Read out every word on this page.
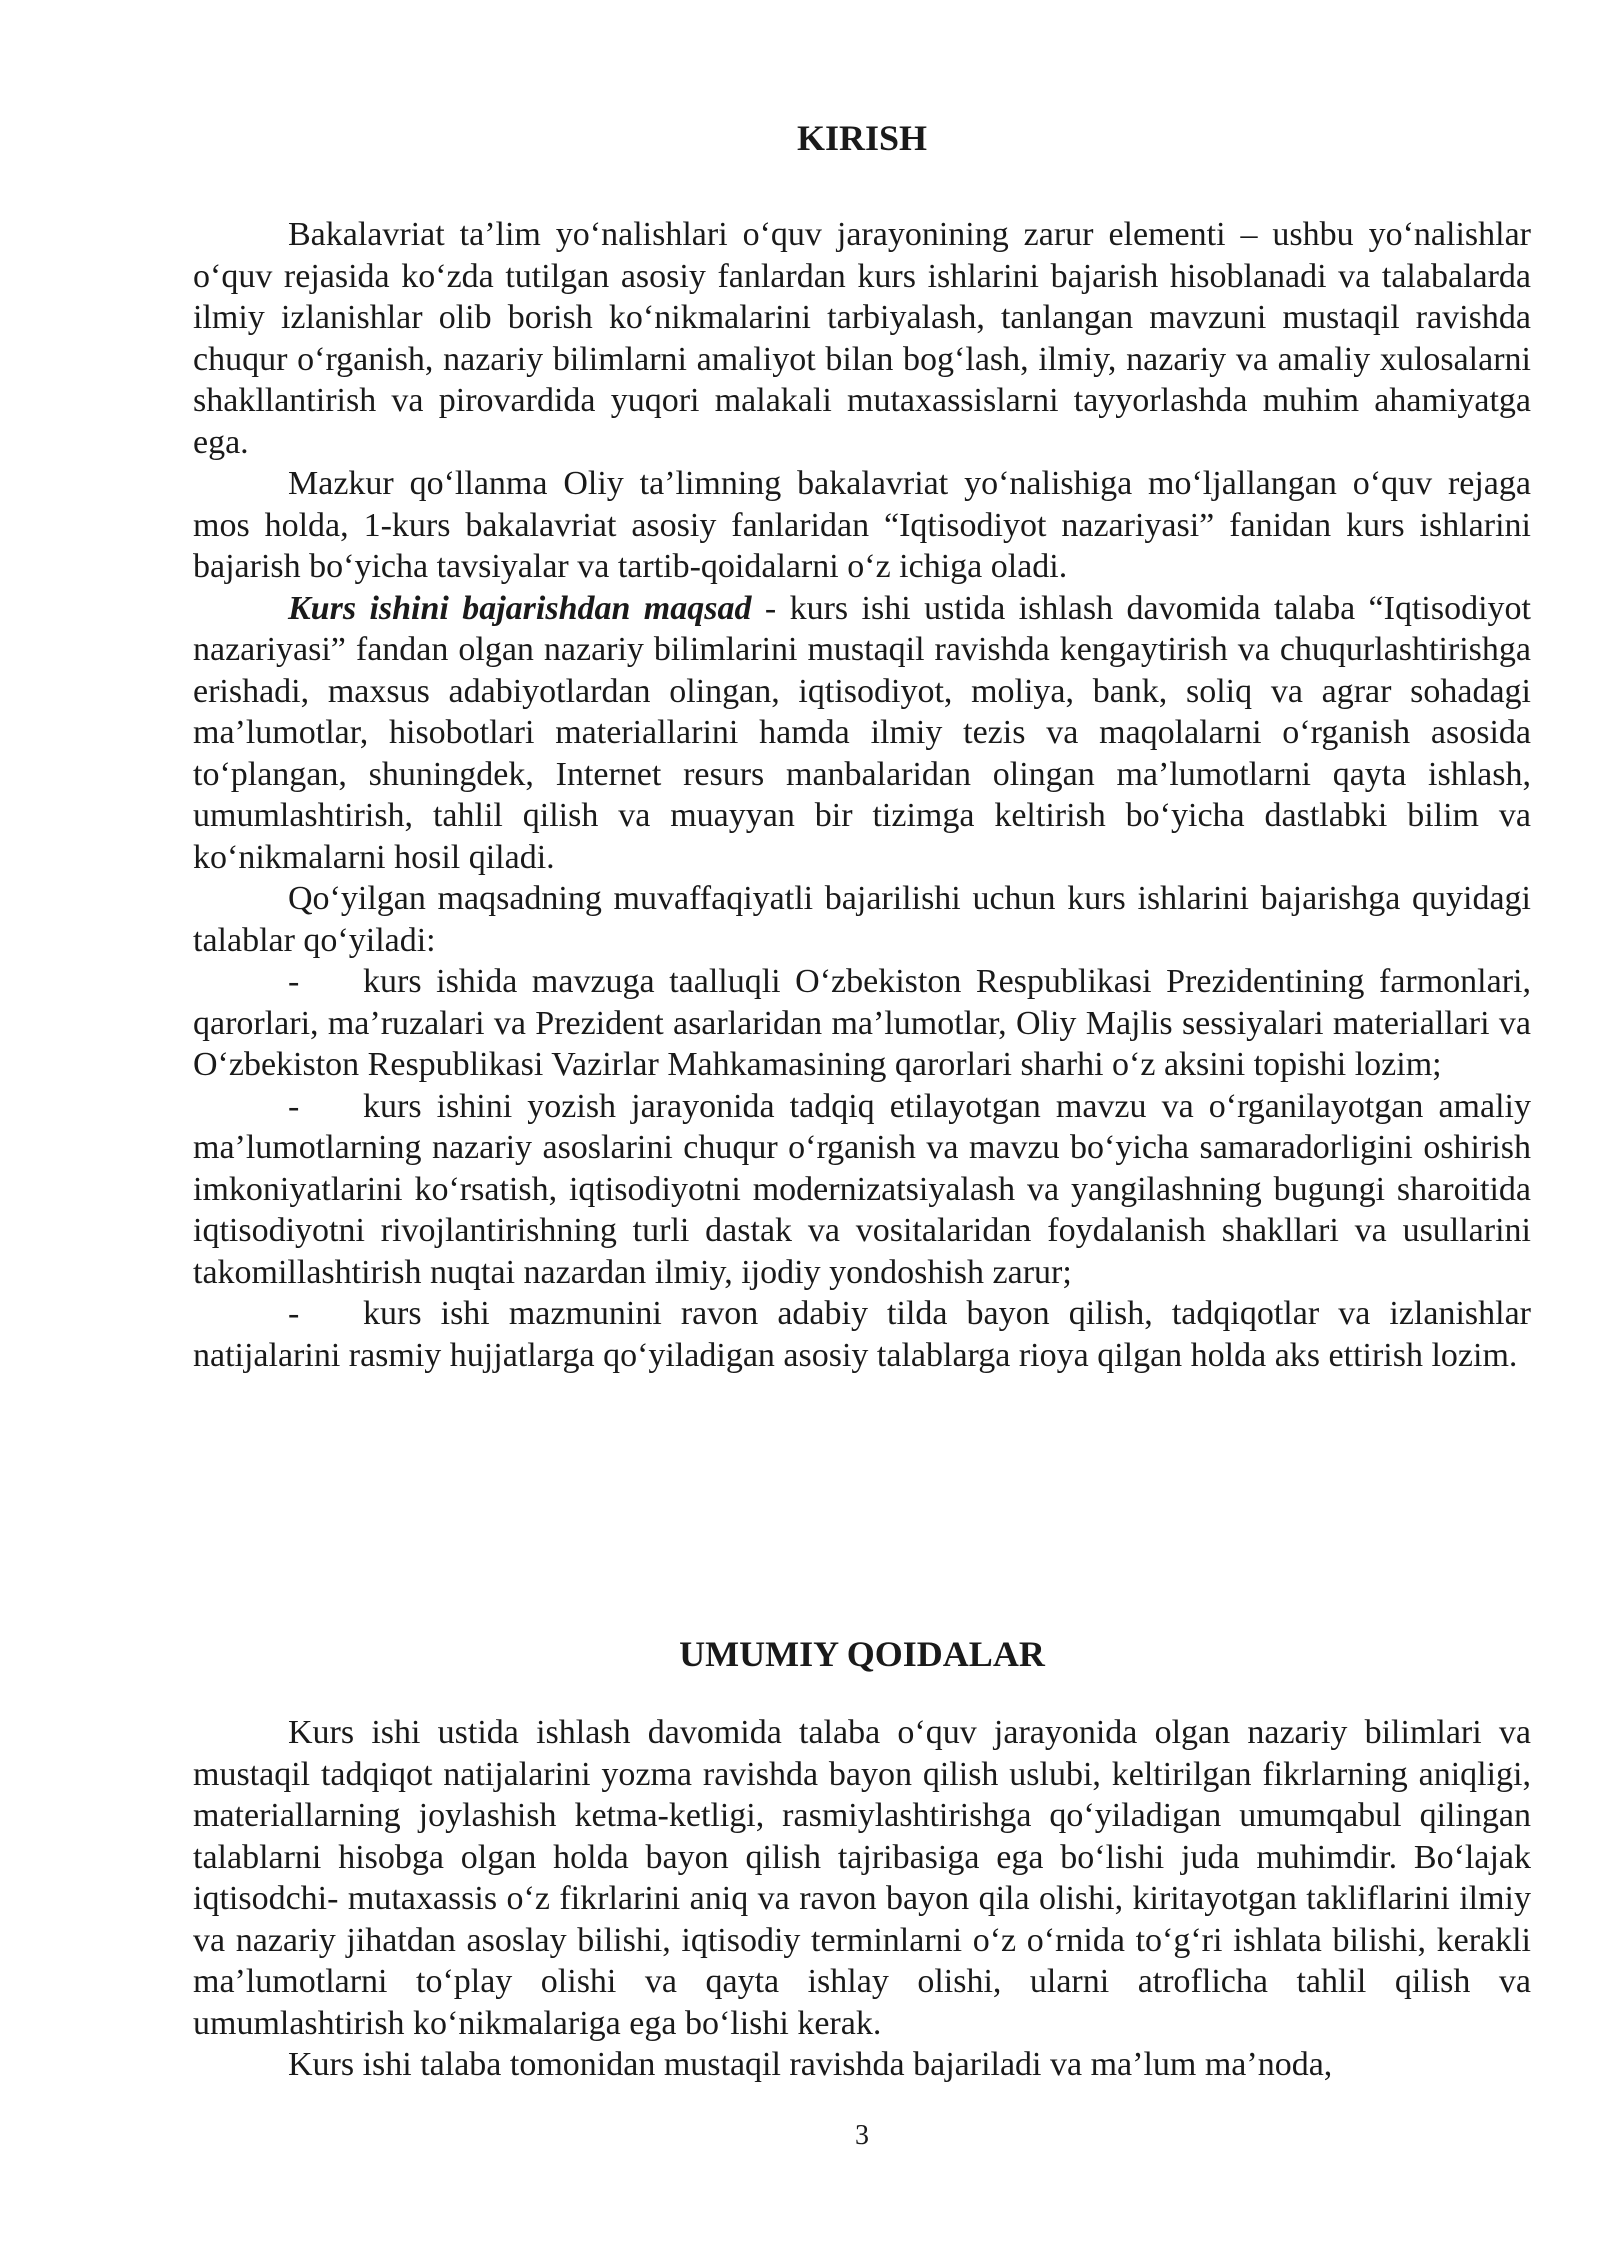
KIRISH

Bakalavriat ta’lim yo‘nalishlari o‘quv jarayonining zarur elementi – ushbu yo‘nalishlar o‘quv rejasida ko‘zda tutilgan asosiy fanlardan kurs ishlarini bajarish hisoblanadi va talabalarda ilmiy izlanishlar olib borish ko‘nikmalarini tarbiyalash, tanlangan mavzuni mustaqil ravishda chuqur o‘rganish, nazariy bilimlarni amaliyot bilan bog‘lash, ilmiy, nazariy va amaliy xulosalarni shakllantirish va pirovardida yuqori malakali mutaxassislarni tayyorlashda muhim ahamiyatga ega.

Mazkur qo‘llanma Oliy ta’limning bakalavriat yo‘nalishiga mo‘ljallangan o‘quv rejaga mos holda, 1-kurs bakalavriat asosiy fanlaridan “Iqtisodiyot nazariyasi” fanidan kurs ishlarini bajarish bo‘yicha tavsiyalar va tartib-qoidalarni o‘z ichiga oladi.

Kurs ishini bajarishdan maqsad - kurs ishi ustida ishlash davomida talaba “Iqtisodiyot nazariyasi” fandan olgan nazariy bilimlarini mustaqil ravishda kengaytirish va chuqurlashtirishga erishadi, maxsus adabiyotlardan olingan, iqtisodiyot, moliya, bank, soliq va agrar sohadagi ma’lumotlar, hisobotlari materiallarini hamda ilmiy tezis va maqolalarni o‘rganish asosida to‘plangan, shuningdek, Internet resurs manbalaridan olingan ma’lumotlarni qayta ishlash, umumlashtirish, tahlil qilish va muayyan bir tizimga keltirish bo‘yicha dastlabki bilim va ko‘nikmalarni hosil qiladi.

Qo‘yilgan maqsadning muvaffaqiyatli bajarilishi uchun kurs ishlarini bajarishga quyidagi talablar qo‘yiladi:

- kurs ishida mavzuga taalluqli O‘zbekiston Respublikasi Prezidentining farmonlari, qarorlari, ma’ruzalari va Prezident asarlaridan ma’lumotlar, Oliy Majlis sessiyalari materiallari va O‘zbekiston Respublikasi Vazirlar Mahkamasining qarorlari sharhi o‘z aksini topishi lozim;

- kurs ishini yozish jarayonida tadqiq etilayotgan mavzu va o‘rganilayotgan amaliy ma’lumotlarning nazariy asoslarini chuqur o‘rganish va mavzu bo‘yicha samaradorligini oshirish imkoniyatlarini ko‘rsatish, iqtisodiyotni modernizatsiyalash va yangilashning bugungi sharoitida iqtisodiyotni rivojlantirishning turli dastak va vositalaridan foydalanish shakllari va usullarini takomillashtirish nuqtai nazardan ilmiy, ijodiy yondoshish zarur;

- kurs ishi mazmunini ravon adabiy tilda bayon qilish, tadqiqotlar va izlanishlar natijalarini rasmiy hujjatlarga qo‘yiladigan asosiy talablarga rioya qilgan holda aks ettirish lozim.

UMUMIY QOIDALAR

Kurs ishi ustida ishlash davomida talaba o‘quv jarayonida olgan nazariy bilimlari va mustaqil tadqiqot natijalarini yozma ravishda bayon qilish uslubi, keltirilgan fikrlarning aniqligi, materiallarning joylashish ketma-ketligi, rasmiylashtirishga qo‘yiladigan umumqabul qilingan talablarni hisobga olgan holda bayon qilish tajribasiga ega bo‘lishi juda muhimdir. Bo‘lajak iqtisodchi- mutaxassis o‘z fikrlarini aniq va ravon bayon qila olishi, kiritayotgan takliflarini ilmiy va nazariy jihatdan asoslay bilishi, iqtisodiy terminlarni o‘z o‘rnida to‘g‘ri ishlata bilishi, kerakli ma’lumotlarni to‘play olishi va qayta ishlay olishi, ularni atroflicha tahlil qilish va umumlashtirish ko‘nikmalariga ega bo‘lishi kerak.

Kurs ishi talaba tomonidan mustaqil ravishda bajariladi va ma’lum ma’noda,

3
